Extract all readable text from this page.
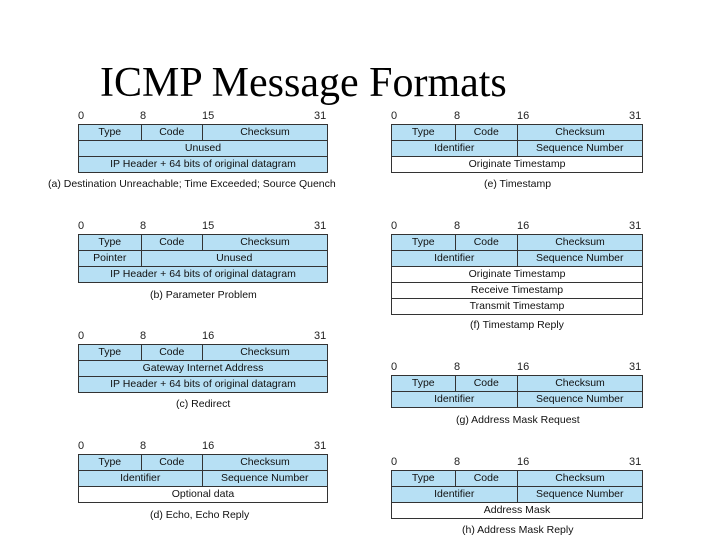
ICMP Message Formats
0	8	15	31
Type	Code	Checksum
Unused
IP Header + 64 bits of original datagram
(a) Destination Unreachable; Time Exceeded; Source Quench
0	8	15	31
Type	Code	Checksum
Pointer	Unused
IP Header + 64 bits of original datagram
(b) Parameter Problem
0	8	16	31
Type	Code	Checksum
Gateway Internet Address
IP Header + 64 bits of original datagram
(c) Redirect
0	8	16	31
Type	Code	Checksum
Identifier	Sequence Number
Optional data
(d) Echo, Echo Reply
0	8	16	31
Type	Code	Checksum
Identifier	Sequence Number
Originate Timestamp
(e) Timestamp
0	8	16	31
Type	Code	Checksum
Identifier	Sequence Number
Originate Timestamp
Receive Timestamp
Transmit Timestamp
(f) Timestamp Reply
0	8	16	31
Type	Code	Checksum
Identifier	Sequence Number
(g) Address Mask Request
0	8	16	31
Type	Code	Checksum
Identifier	Sequence Number
Address Mask
(h) Address Mask Reply
